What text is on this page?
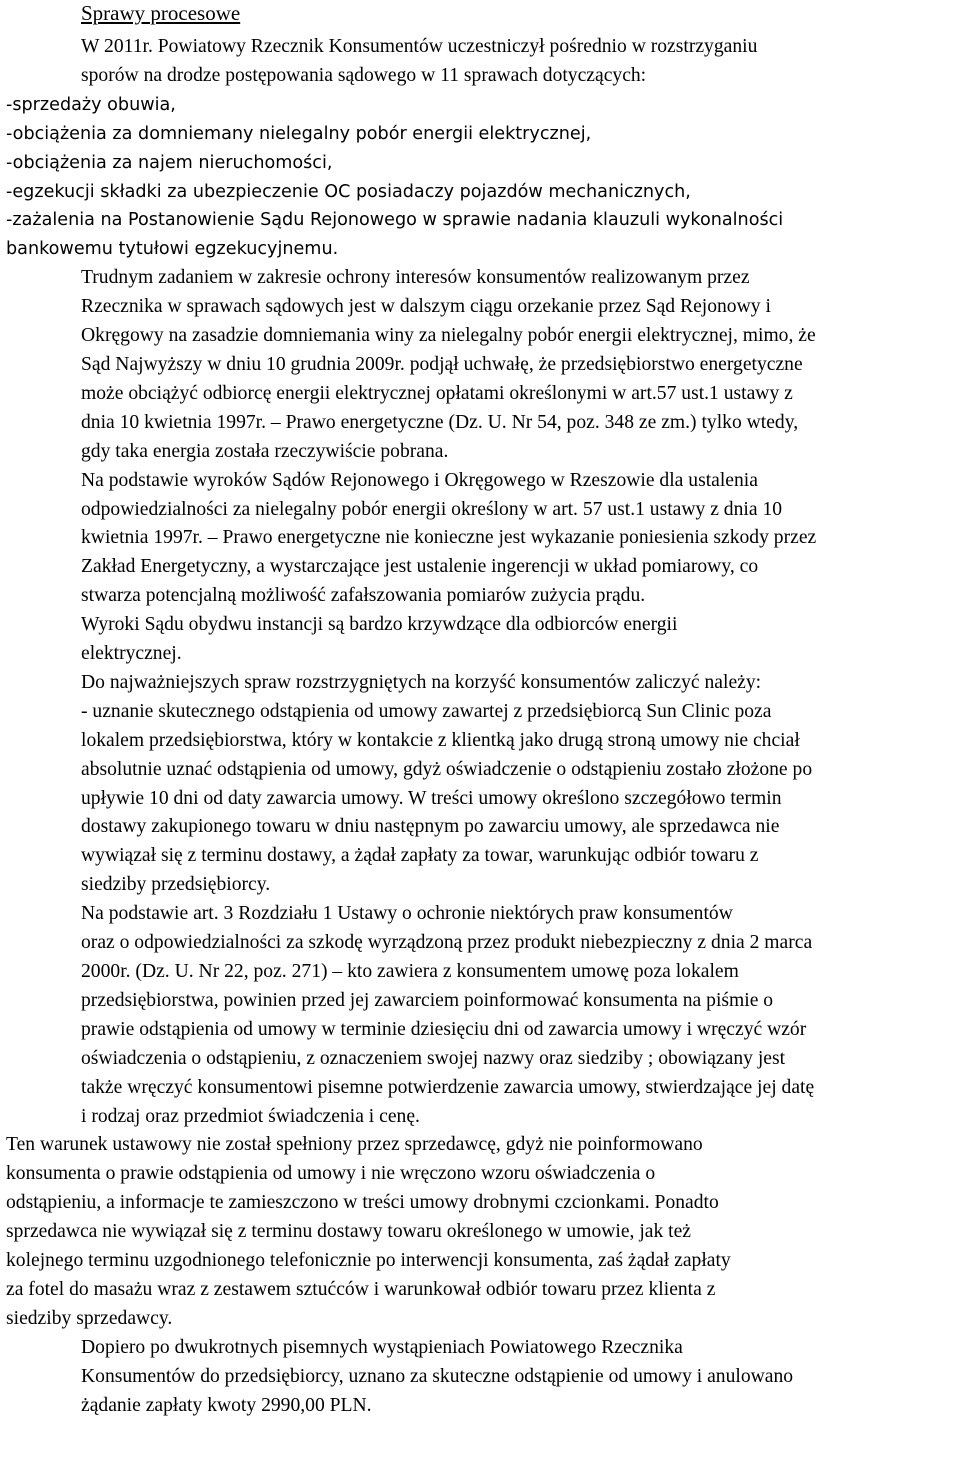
Sprawy procesowe
W 2011r. Powiatowy Rzecznik Konsumentów uczestniczył pośrednio w rozstrzyganiu
sporów na drodze postępowania sądowego w 11 sprawach dotyczących:
-sprzedaży obuwia,
-obciążenia za domniemany nielegalny pobór energii elektrycznej,
-obciążenia za najem nieruchomości,
-egzekucji składki za ubezpieczenie OC posiadaczy pojazdów mechanicznych,
-zażalenia na Postanowienie Sądu Rejonowego w sprawie nadania klauzuli wykonalności
bankowemu tytułowi egzekucyjnemu.
Trudnym zadaniem w zakresie ochrony interesów konsumentów realizowanym przez
Rzecznika w sprawach sądowych jest w dalszym ciągu orzekanie przez Sąd Rejonowy i
Okręgowy na zasadzie domniemania winy za nielegalny pobór energii elektrycznej, mimo, że
Sąd Najwyższy w dniu 10 grudnia 2009r. podjął uchwałę, że przedsiębiorstwo energetyczne
może obciążyć odbiorcę energii elektrycznej opłatami określonymi w art.57 ust.1 ustawy z
dnia 10 kwietnia 1997r. – Prawo energetyczne (Dz. U. Nr 54, poz. 348 ze zm.) tylko wtedy,
gdy taka energia została rzeczywiście pobrana.
Na podstawie wyroków Sądów Rejonowego i Okręgowego w Rzeszowie dla ustalenia
odpowiedzialności za nielegalny pobór energii określony w art. 57 ust.1 ustawy z dnia 10
kwietnia 1997r. – Prawo energetyczne nie konieczne jest wykazanie poniesienia szkody przez
Zakład Energetyczny, a wystarczające jest ustalenie ingerencji w układ pomiarowy, co
stwarza potencjalną możliwość zafałszowania pomiarów zużycia prądu.
Wyroki Sądu obydwu instancji są bardzo krzywdzące dla odbiorców energii
elektrycznej.
Do najważniejszych spraw rozstrzygniętych na korzyść konsumentów zaliczyć należy:
- uznanie skutecznego odstąpienia od umowy zawartej z przedsiębiorcą Sun Clinic poza
lokalem przedsiębiorstwa, który w kontakcie z klientką jako drugą stroną umowy nie chciał
absolutnie uznać odstąpienia od umowy, gdyż oświadczenie o odstąpieniu zostało złożone po
upływie 10 dni od daty zawarcia umowy. W treści umowy określono szczegółowo termin
dostawy zakupionego towaru w dniu następnym po zawarciu umowy, ale sprzedawca nie
wywiązał się z terminu dostawy, a żądał zapłaty za towar, warunkując odbiór towaru z
siedziby przedsiębiorcy.
Na podstawie art. 3 Rozdziału 1 Ustawy o ochronie niektórych praw konsumentów
oraz o odpowiedzialności za szkodę wyrządzoną przez produkt niebezpieczny z dnia 2 marca
2000r. (Dz. U. Nr 22, poz. 271) – kto zawiera z konsumentem umowę poza lokalem
przedsiębiorstwa, powinien przed jej zawarciem poinformować konsumenta na piśmie o
prawie odstąpienia od umowy w terminie dziesięciu dni od zawarcia umowy i wręczyć wzór
oświadczenia o odstąpieniu, z oznaczeniem swojej nazwy oraz siedziby ; obowiązany jest
także wręczyć konsumentowi pisemne potwierdzenie zawarcia umowy, stwierdzające jej datę
i rodzaj oraz przedmiot świadczenia i cenę.
Ten warunek ustawowy nie został spełniony przez sprzedawcę, gdyż nie poinformowano
konsumenta o prawie odstąpienia od umowy i nie wręczono wzoru oświadczenia o
odstąpieniu, a informacje te zamieszczono w treści umowy drobnymi czcionkami. Ponadto
sprzedawca nie wywiązał się z terminu dostawy towaru określonego w umowie, jak też
kolejnego terminu uzgodnionego telefonicznie po interwencji konsumenta, zaś żądał zapłaty
za fotel do masażu wraz z zestawem sztućców i warunkował odbiór towaru przez klienta z
siedziby sprzedawcy.
Dopiero po dwukrotnych pisemnych wystąpieniach Powiatowego Rzecznika
Konsumentów do przedsiębiorcy, uznano za skuteczne odstąpienie od umowy i anulowano
żądanie zapłaty kwoty 2990,00 PLN.
